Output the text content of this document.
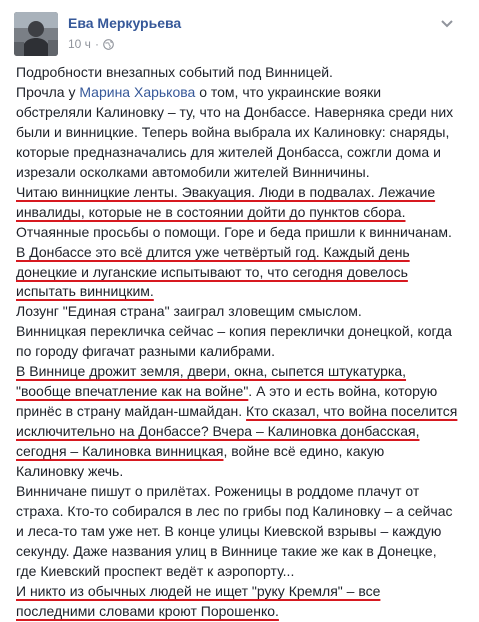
Ева Меркурьева
10 ч ·
Подробности внезапных событий под Винницей.
Прочла у Марина Харькова о том, что украинские вояки
обстреляли Калиновку – ту, что на Донбассе. Наверняка среди них
были и винницкие. Теперь война выбрала их Калиновку: снаряды,
которые предназначались для жителей Донбасса, сожгли дома и
изрезали осколками автомобили жителей Винничины.
Читаю винницкие ленты. Эвакуация. Люди в подвалах. Лежачие
инвалиды, которые не в состоянии дойти до пунктов сбора.
Отчаянные просьбы о помощи. Горе и беда пришли к винничанам.
В Донбассе это всё длится уже четвёртый год. Каждый день
донецкие и луганские испытывают то, что сегодня довелось
испытать винницким.
Лозунг "Единая страна" заиграл зловещим смыслом.
Винницкая перекличка сейчас – копия переклички донецкой, когда
по городу фигачат разными калибрами.
В Виннице дрожит земля, двери, окна, сыпется штукатурка,
"вообще впечатление как на войне". А это и есть война, которую
принёс в страну майдан-шмайдан. Кто сказал, что война поселится
исключительно на Донбассе? Вчера – Калиновка донбасская,
сегодня – Калиновка винницкая, войне всё едино, какую
Калиновку жечь.
Винничане пишут о прилётах. Роженицы в роддоме плачут от
страха. Кто-то собирался в лес по грибы под Калиновку – а сейчас
и леса-то там уже нет. В конце улицы Киевской взрывы – каждую
секунду. Даже названия улиц в Виннице такие же как в Донецке,
где Киевский проспект ведёт к аэропорту...
И никто из обычных людей не ищет "руку Кремля" – все
последними словами кроют Порошенко.
